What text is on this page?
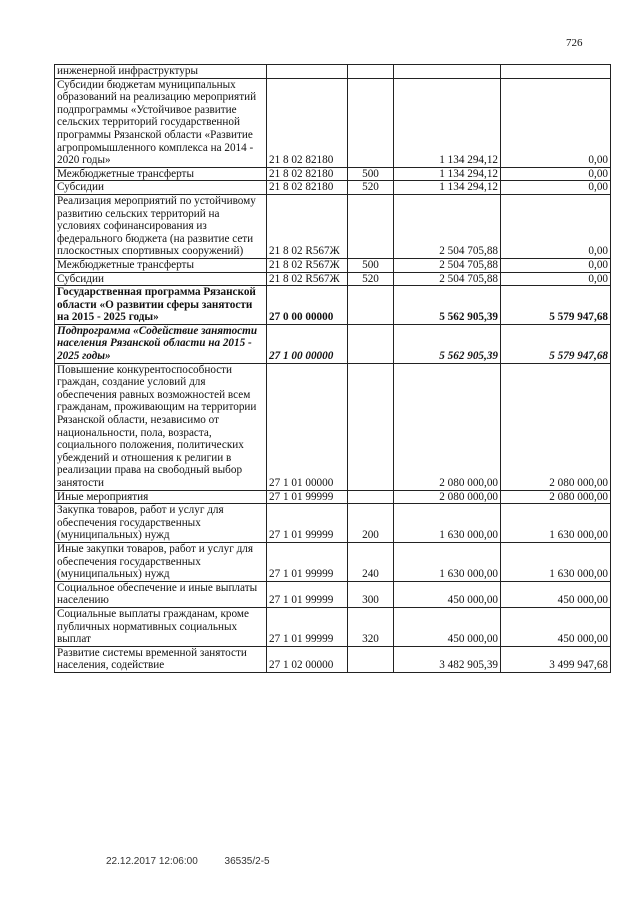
726
инженерной инфраструктуры				
Субсидии бюджетам муниципальных образований на реализацию мероприятий подпрограммы «Устойчивое развитие сельских территорий государственной программы Рязанской области «Развитие агропромышленного комплекса на 2014 - 2020 годы»	21 8 02 82180		1 134 294,12	0,00
Межбюджетные трансферты	21 8 02 82180	500	1 134 294,12	0,00
Субсидии	21 8 02 82180	520	1 134 294,12	0,00
Реализация мероприятий по устойчивому развитию сельских территорий на условиях софинансирования из федерального бюджета (на развитие сети плоскостных спортивных сооружений)	21 8 02 R567Ж		2 504 705,88	0,00
Межбюджетные трансферты	21 8 02 R567Ж	500	2 504 705,88	0,00
Субсидии	21 8 02 R567Ж	520	2 504 705,88	0,00
Государственная программа Рязанской области «О развитии сферы занятости на 2015 - 2025 годы»	27 0 00 00000		5 562 905,39	5 579 947,68
Подпрограмма «Содействие занятости населения Рязанской области на 2015 - 2025 годы»	27 1 00 00000		5 562 905,39	5 579 947,68
Повышение конкурентоспособности граждан, создание условий для обеспечения равных возможностей всем гражданам, проживающим на территории Рязанской области, независимо от национальности, пола, возраста, социального положения, политических убеждений и отношения к религии в реализации права на свободный выбор занятости	27 1 01 00000		2 080 000,00	2 080 000,00
Иные мероприятия	27 1 01 99999		2 080 000,00	2 080 000,00
Закупка товаров, работ и услуг для обеспечения государственных (муниципальных) нужд	27 1 01 99999	200	1 630 000,00	1 630 000,00
Иные закупки товаров, работ и услуг для обеспечения государственных (муниципальных) нужд	27 1 01 99999	240	1 630 000,00	1 630 000,00
Социальное обеспечение и иные выплаты населению	27 1 01 99999	300	450 000,00	450 000,00
Социальные выплаты гражданам, кроме публичных нормативных социальных выплат	27 1 01 99999	320	450 000,00	450 000,00
Развитие системы временной занятости населения, содействие	27 1 02 00000		3 482 905,39	3 499 947,68
22.12.2017 12:06:00	36535/2-5
